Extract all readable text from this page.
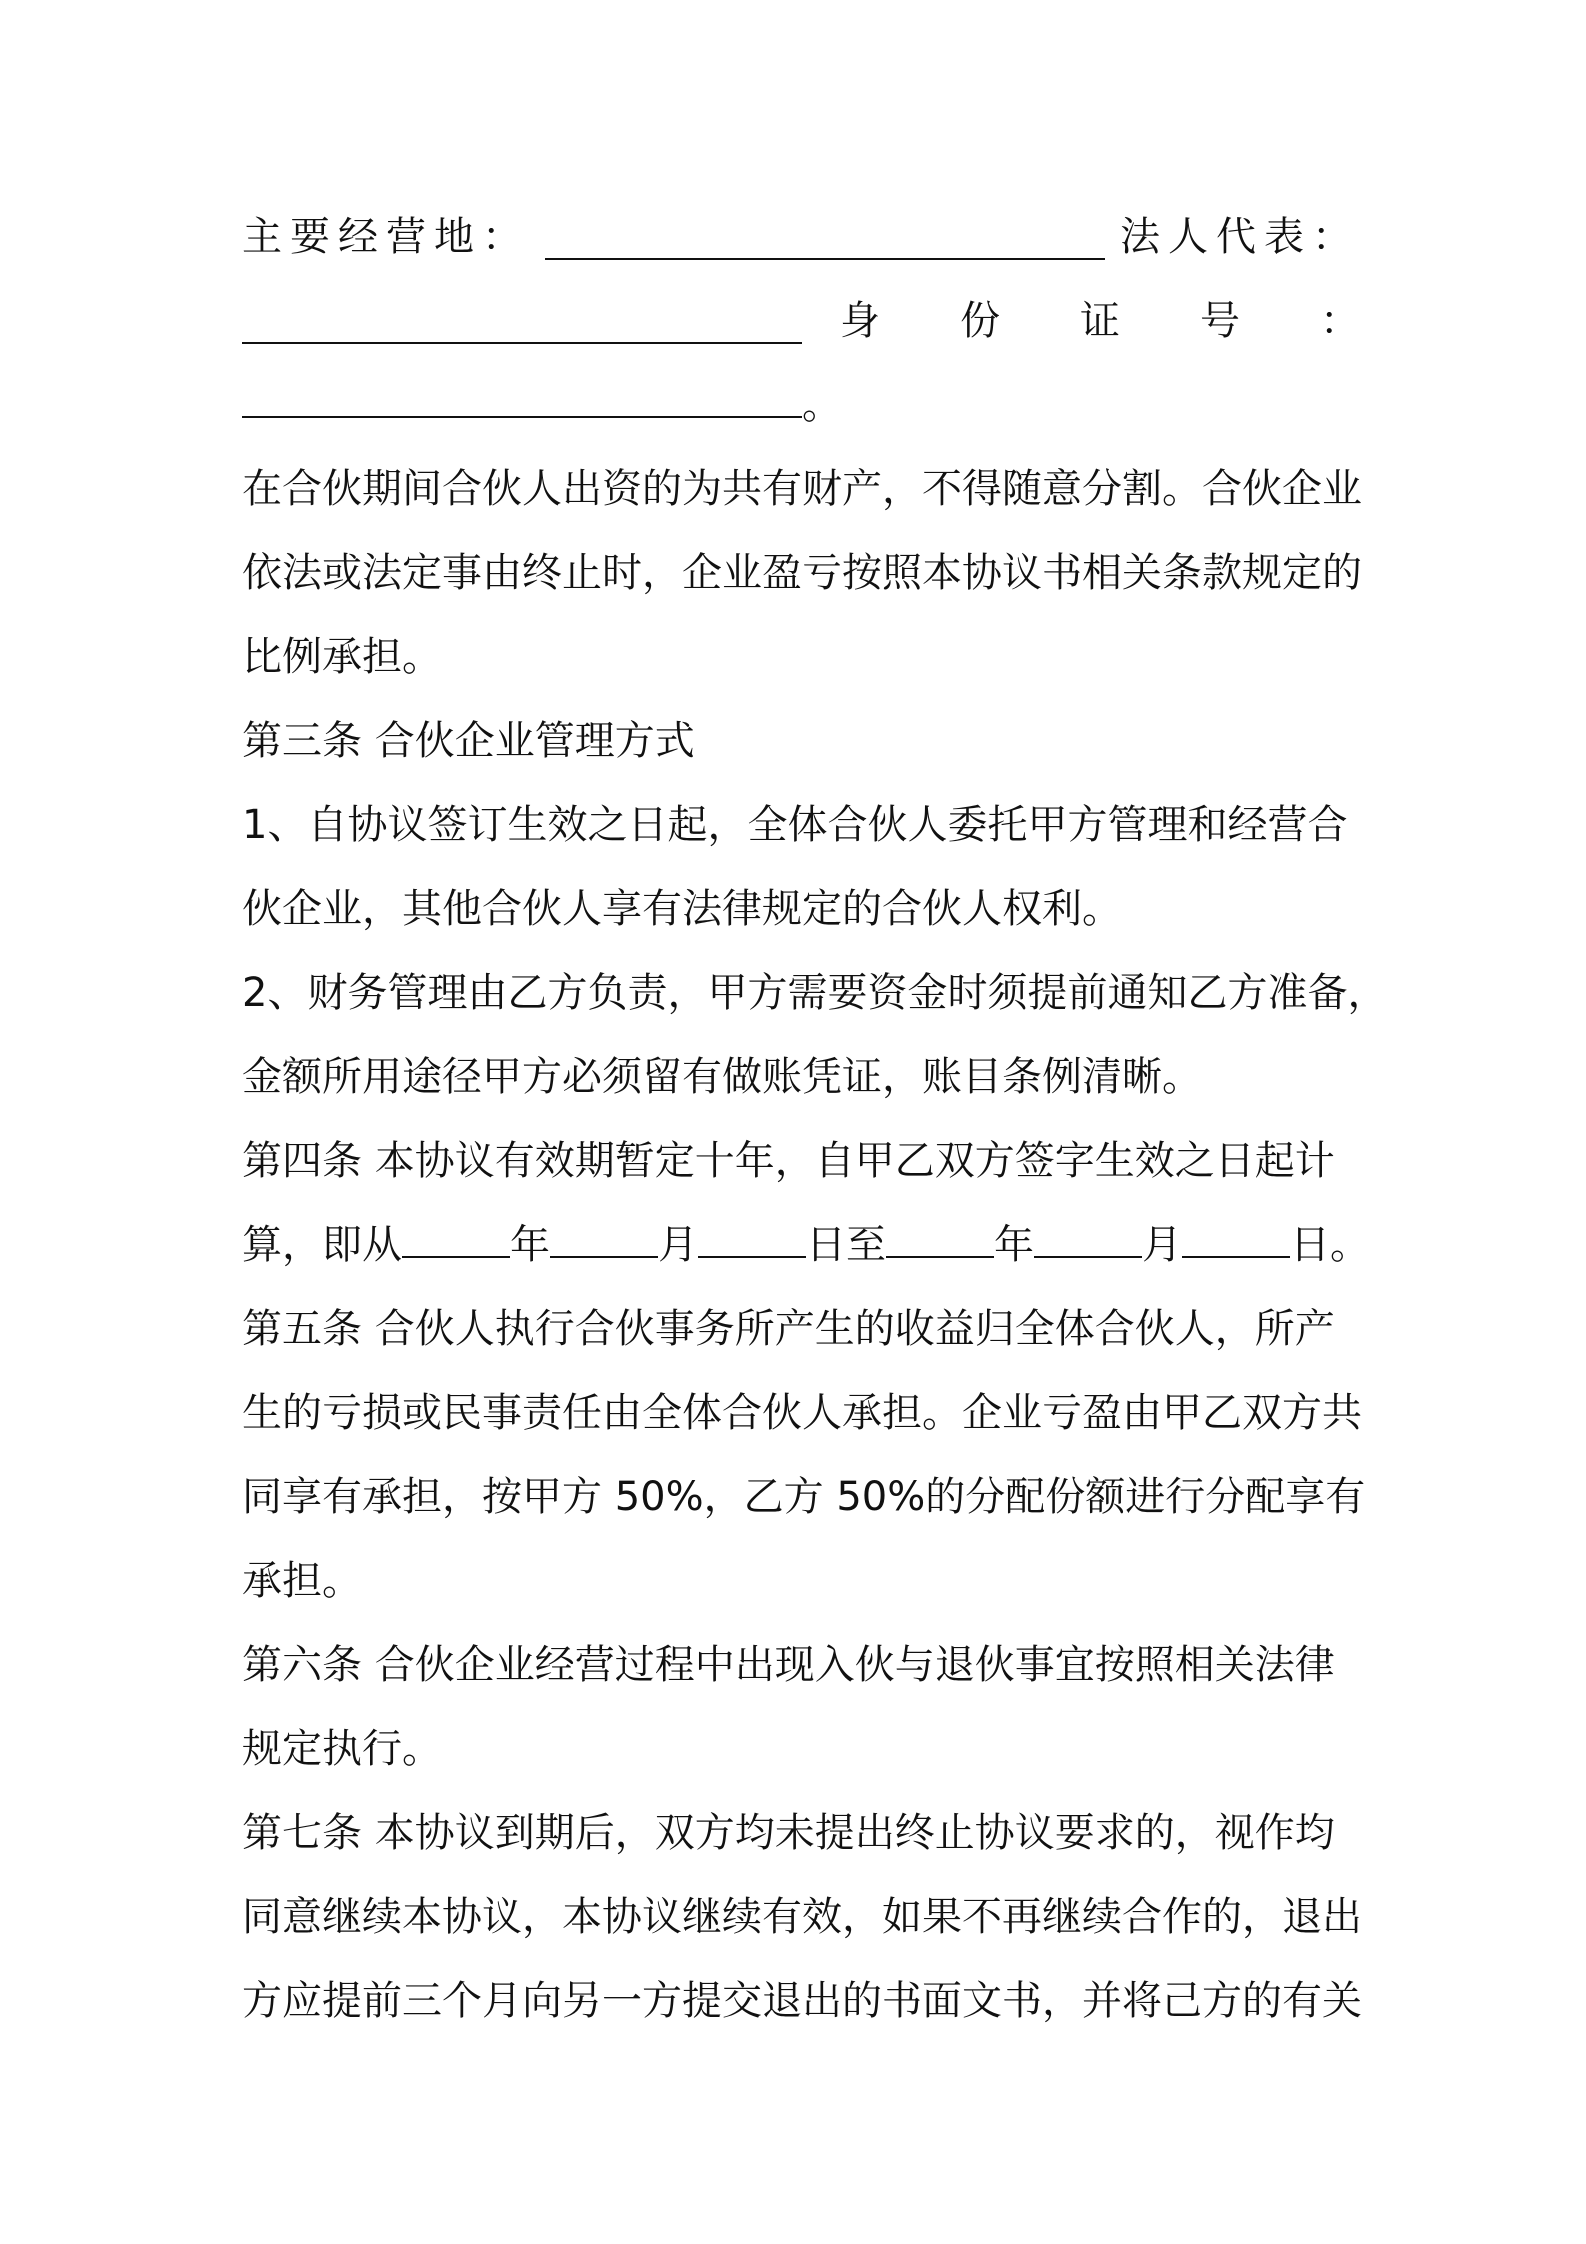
主要经营地：	法人代表：
身 份 证 号 ：
。
在合伙期间合伙人出资的为共有财产，不得随意分割。合伙企业
依法或法定事由终止时，企业盈亏按照本协议书相关条款规定的
比例承担。
第三条 合伙企业管理方式
1、自协议签订生效之日起，全体合伙人委托甲方管理和经营合
伙企业，其他合伙人享有法律规定的合伙人权利。
2、财务管理由乙方负责，甲方需要资金时须提前通知乙方准备，
金额所用途径甲方必须留有做账凭证，账目条例清晰。
第四条 本协议有效期暂定十年，自甲乙双方签字生效之日起计
算，即从	年	月	日至	年	月	日。
第五条 合伙人执行合伙事务所产生的收益归全体合伙人，所产
生的亏损或民事责任由全体合伙人承担。企业亏盈由甲乙双方共
同享有承担，按甲方 50%，乙方 50%的分配份额进行分配享有
承担。
第六条 合伙企业经营过程中出现入伙与退伙事宜按照相关法律
规定执行。
第七条 本协议到期后，双方均未提出终止协议要求的，视作均
同意继续本协议，本协议继续有效，如果不再继续合作的，退出
方应提前三个月向另一方提交退出的书面文书，并将己方的有关
